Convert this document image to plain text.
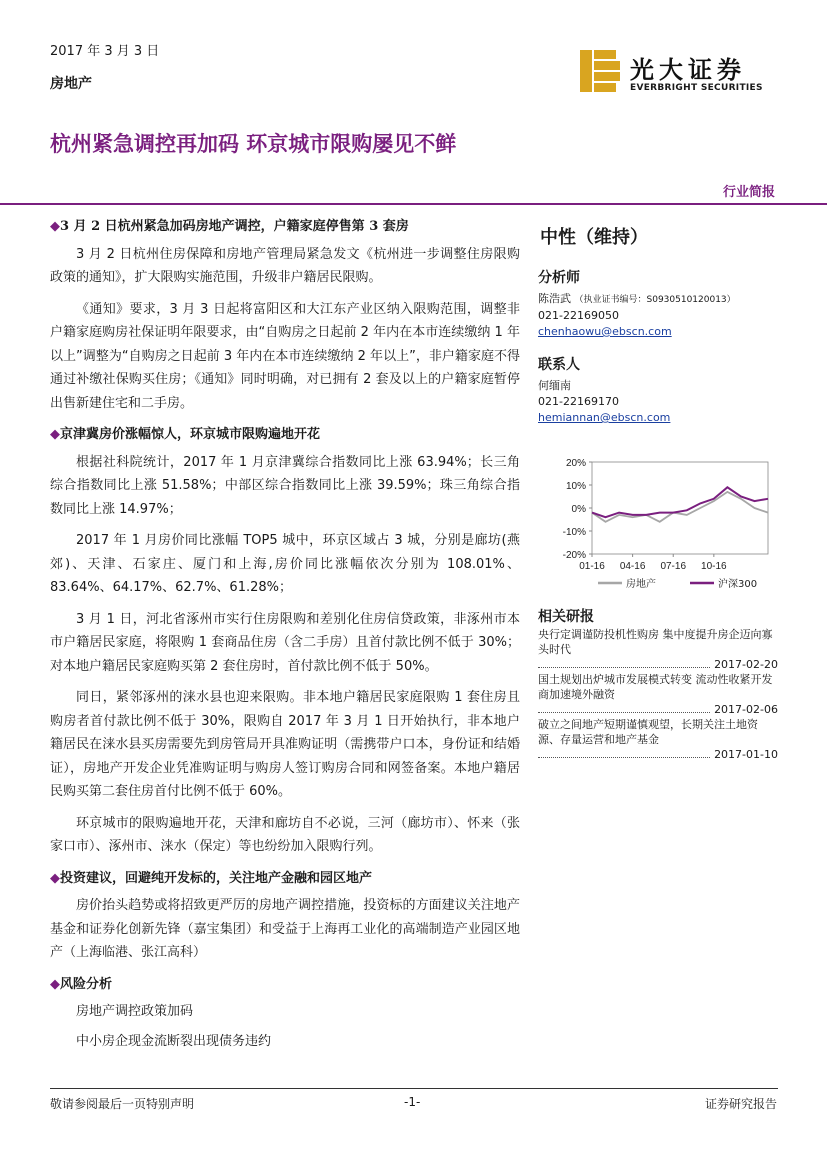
2017 年 3 月 3 日
房地产	光大证券
EVERBRIGHT SECURITIES
杭州紧急调控再加码 环京城市限购屡见不鲜
行业简报
◆3 月 2 日杭州紧急加码房地产调控，户籍家庭停售第 3 套房

3 月 2 日杭州住房保障和房地产管理局紧急发文《杭州进一步调整住房限购政策的通知》，扩大限购实施范围，升级非户籍居民限购。

《通知》要求，3 月 3 日起将富阳区和大江东产业区纳入限购范围，调整非户籍家庭购房社保证明年限要求，由“自购房之日起前 2 年内在本市连续缴纳 1 年以上”调整为“自购房之日起前 3 年内在本市连续缴纳 2 年以上”，非户籍家庭不得通过补缴社保购买住房；《通知》同时明确，对已拥有 2 套及以上的户籍家庭暂停出售新建住宅和二手房。

◆京津冀房价涨幅惊人，环京城市限购遍地开花

根据社科院统计，2017 年 1 月京津冀综合指数同比上涨 63.94%；长三角综合指数同比上涨 51.58%；中部区综合指数同比上涨 39.59%；珠三角综合指数同比上涨 14.97%；

2017 年 1 月房价同比涨幅 TOP5 城中，环京区域占 3 城，分别是廊坊(燕郊)、天津、石家庄、厦门和上海,房价同比涨幅依次分别为 108.01%、83.64%、64.17%、62.7%、61.28%；

3 月 1 日，河北省涿州市实行住房限购和差别化住房信贷政策，非涿州市本市户籍居民家庭，将限购 1 套商品住房（含二手房）且首付款比例不低于 30%；对本地户籍居民家庭购买第 2 套住房时，首付款比例不低于 50%。

同日，紧邻涿州的涞水县也迎来限购。非本地户籍居民家庭限购 1 套住房且购房者首付款比例不低于 30%，限购自 2017 年 3 月 1 日开始执行，非本地户籍居民在涞水县买房需要先到房管局开具准购证明（需携带户口本，身份证和结婚证），房地产开发企业凭准购证明与购房人签订购房合同和网签备案。本地户籍居民购买第二套住房首付比例不低于 60%。

环京城市的限购遍地开花，天津和廊坊自不必说，三河（廊坊市）、怀来（张家口市）、涿州市、涞水（保定）等也纷纷加入限购行列。

◆投资建议，回避纯开发标的，关注地产金融和园区地产

房价抬头趋势或将招致更严厉的房地产调控措施，投资标的方面建议关注地产基金和证券化创新先锋（嘉宝集团）和受益于上海再工业化的高端制造产业园区地产（上海临港、张江高科）

◆风险分析

房地产调控政策加码

中小房企现金流断裂出现债务违约

中性（维持）
分析师
陈浩武 （执业证书编号：S0930510120013）
021-22169050
chenhaowu@ebscn.com
联系人
何缅南
021-22169170
hemiannan@ebscn.com
20%
10%
0%
-10%
-20%
01-16 04-16 07-16 10-16
房地产	沪深300
相关研报
央行定调谨防投机性购房 集中度提升房企迈向寡头时代
2017-02-20
国土规划出炉城市发展模式转变 流动性收紧开发商加速境外融资
2017-02-06
破立之间地产短期谨慎观望，长期关注土地资源、存量运营和地产基金
2017-01-10
敬请参阅最后一页特别声明	-1-	证券研究报告
